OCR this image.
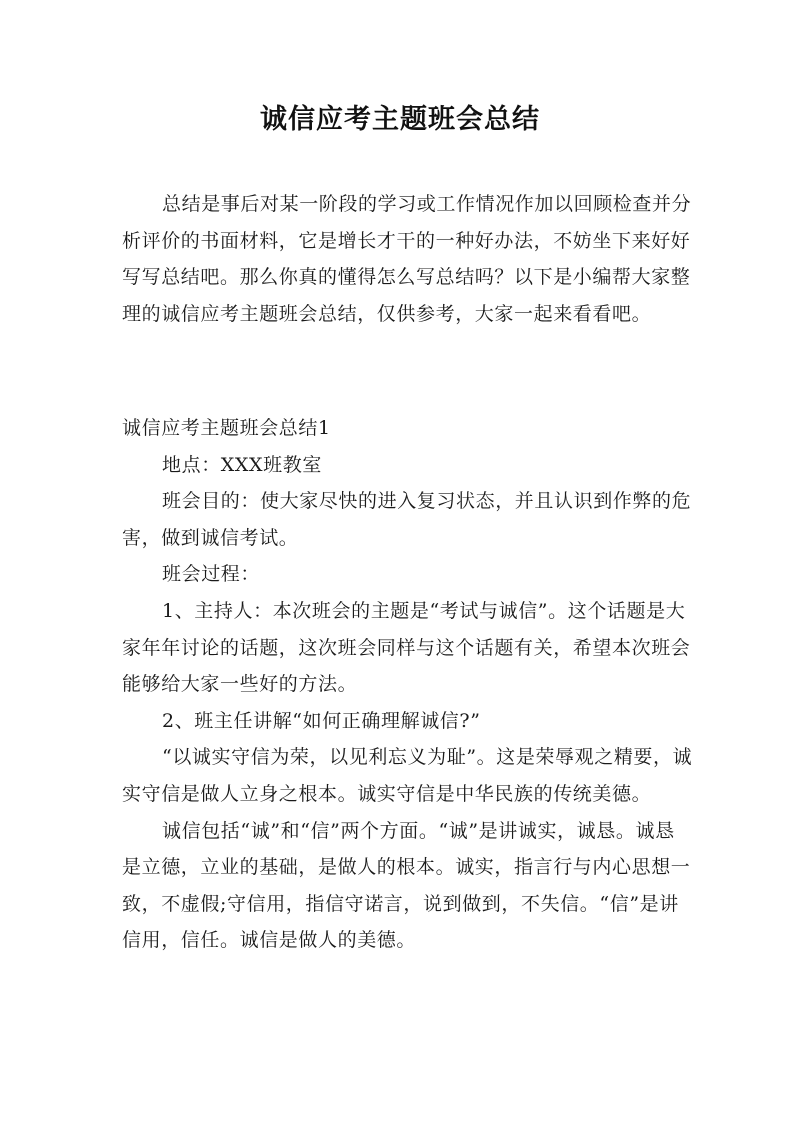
诚信应考主题班会总结

总结是事后对某一阶段的学习或工作情况作加以回顾检查并分析评价的书面材料，它是增长才干的一种好办法，不妨坐下来好好写写总结吧。那么你真的懂得怎么写总结吗？以下是小编帮大家整理的诚信应考主题班会总结，仅供参考，大家一起来看看吧。

诚信应考主题班会总结1

地点：XXX班教室

班会目的：使大家尽快的进入复习状态，并且认识到作弊的危害，做到诚信考试。

班会过程：

1、主持人：本次班会的主题是“考试与诚信”。这个话题是大家年年讨论的话题，这次班会同样与这个话题有关，希望本次班会能够给大家一些好的方法。

2、班主任讲解“如何正确理解诚信?”

“以诚实守信为荣，以见利忘义为耻”。这是荣辱观之精要，诚实守信是做人立身之根本。诚实守信是中华民族的传统美德。

诚信包括“诚”和“信”两个方面。“诚”是讲诚实，诚恳。诚恳是立德，立业的基础，是做人的根本。诚实，指言行与内心思想一致，不虚假;守信用，指信守诺言，说到做到，不失信。“信”是讲信用，信任。诚信是做人的美德。
